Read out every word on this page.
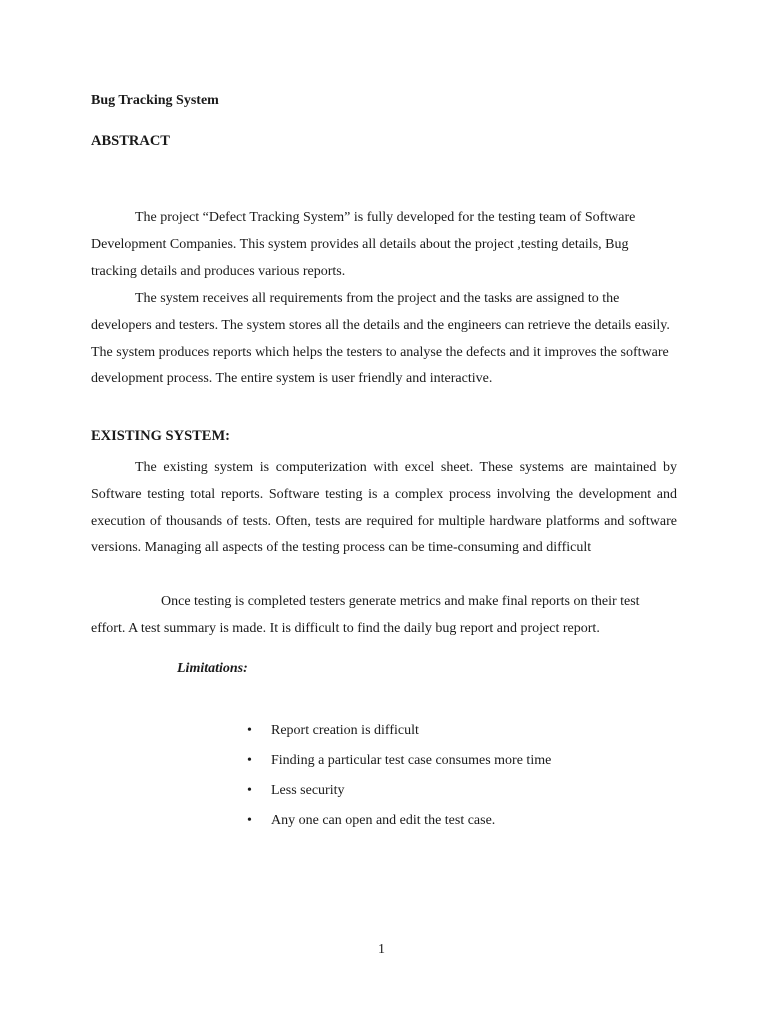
Bug Tracking System

ABSTRACT

The project “Defect Tracking System” is fully developed for the testing team of Software Development Companies. This system provides all details about the project ,testing details, Bug tracking details and produces various reports.

The system receives all requirements from the project and the tasks are assigned to the developers and testers. The system stores all the details and the engineers can retrieve the details easily. The system produces reports which helps the testers to analyse the defects and it improves the software development process. The entire system is user friendly and interactive.

EXISTING SYSTEM:

The existing system is computerization with excel sheet. These systems are maintained by Software testing total reports. Software testing is a complex process involving the development and execution of thousands of tests. Often, tests are required for multiple hardware platforms and software versions. Managing all aspects of the testing process can be time-consuming and difficult

Once testing is completed testers generate metrics and make final reports on their test effort. A test summary is made. It is difficult to find the daily bug report and project report.

Limitations:

•	Report creation is difficult
•	Finding a particular test case consumes more time
•	Less security
•	Any one can open and edit the test case.

1
